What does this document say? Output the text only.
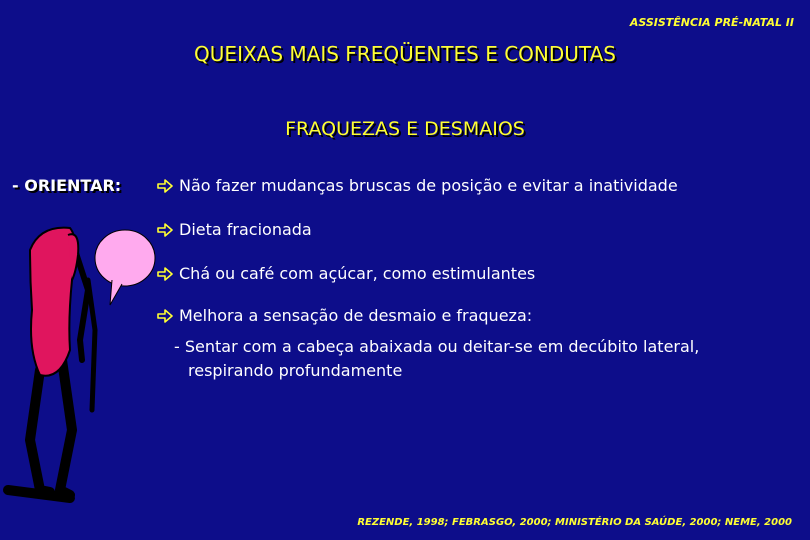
ASSISTÊNCIA PRÉ-NATAL II
QUEIXAS MAIS FREQÜENTES E CONDUTAS
FRAQUEZAS E DESMAIOS
- ORIENTAR:	Não fazer mudanças bruscas de posição e evitar a inatividade
Dieta fracionada
Chá ou café com açúcar, como estimulantes
Melhora a sensação de desmaio e fraqueza:
- Sentar com a cabeça abaixada ou deitar-se em decúbito lateral,
respirando profundamente
REZENDE, 1998; FEBRASGO, 2000; MINISTÉRIO DA SAÚDE, 2000; NEME, 2000
